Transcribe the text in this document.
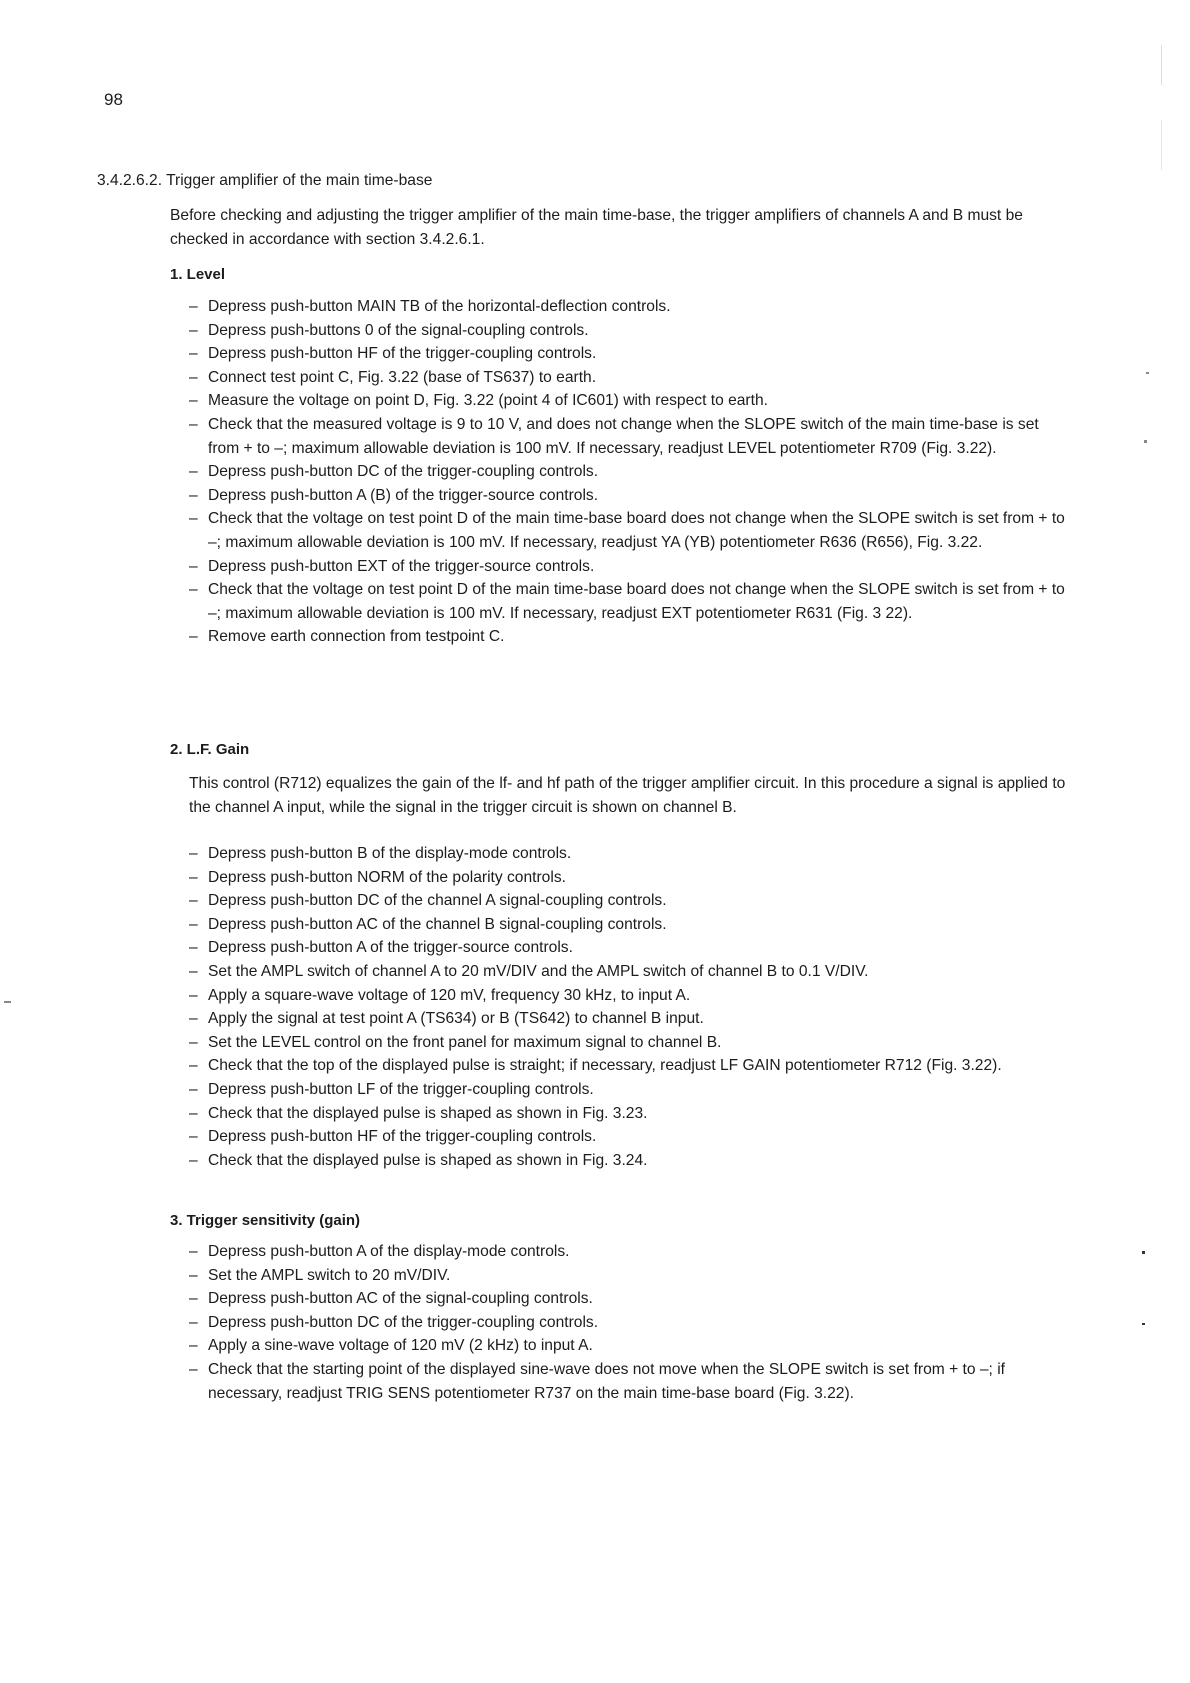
98
3.4.2.6.2. Trigger amplifier of the main time-base
Before checking and adjusting the trigger amplifier of the main time-base, the trigger amplifiers of channels A and B must be checked in accordance with section 3.4.2.6.1.
1. Level
– Depress push-button MAIN TB of the horizontal-deflection controls.
– Depress push-buttons 0 of the signal-coupling controls.
– Depress push-button HF of the trigger-coupling controls.
– Connect test point C, Fig. 3.22 (base of TS637) to earth.
– Measure the voltage on point D, Fig. 3.22 (point 4 of IC601) with respect to earth.
– Check that the measured voltage is 9 to 10 V, and does not change when the SLOPE switch of the main time-base is set from + to –; maximum allowable deviation is 100 mV. If necessary, readjust LEVEL potentiometer R709 (Fig. 3.22).
– Depress push-button DC of the trigger-coupling controls.
– Depress push-button A (B) of the trigger-source controls.
– Check that the voltage on test point D of the main time-base board does not change when the SLOPE switch is set from + to –; maximum allowable deviation is 100 mV. If necessary, readjust YA (YB) potentiometer R636 (R656), Fig. 3.22.
– Depress push-button EXT of the trigger-source controls.
– Check that the voltage on test point D of the main time-base board does not change when the SLOPE switch is set from + to –; maximum allowable deviation is 100 mV. If necessary, readjust EXT potentiometer R631 (Fig. 3 22).
– Remove earth connection from testpoint C.
2. L.F. Gain
This control (R712) equalizes the gain of the lf- and hf path of the trigger amplifier circuit. In this procedure a signal is applied to the channel A input, while the signal in the trigger circuit is shown on channel B.
– Depress push-button B of the display-mode controls.
– Depress push-button NORM of the polarity controls.
– Depress push-button DC of the channel A signal-coupling controls.
– Depress push-button AC of the channel B signal-coupling controls.
– Depress push-button A of the trigger-source controls.
– Set the AMPL switch of channel A to 20 mV/DIV and the AMPL switch of channel B to 0.1 V/DIV.
– Apply a square-wave voltage of 120 mV, frequency 30 kHz, to input A.
– Apply the signal at test point A (TS634) or B (TS642) to channel B input.
– Set the LEVEL control on the front panel for maximum signal to channel B.
– Check that the top of the displayed pulse is straight; if necessary, readjust LF GAIN potentiometer R712 (Fig. 3.22).
– Depress push-button LF of the trigger-coupling controls.
– Check that the displayed pulse is shaped as shown in Fig. 3.23.
– Depress push-button HF of the trigger-coupling controls.
– Check that the displayed pulse is shaped as shown in Fig. 3.24.
3. Trigger sensitivity (gain)
– Depress push-button A of the display-mode controls.
– Set the AMPL switch to 20 mV/DIV.
– Depress push-button AC of the signal-coupling controls.
– Depress push-button DC of the trigger-coupling controls.
– Apply a sine-wave voltage of 120 mV (2 kHz) to input A.
– Check that the starting point of the displayed sine-wave does not move when the SLOPE switch is set from + to –; if necessary, readjust TRIG SENS potentiometer R737 on the main time-base board (Fig. 3.22).
